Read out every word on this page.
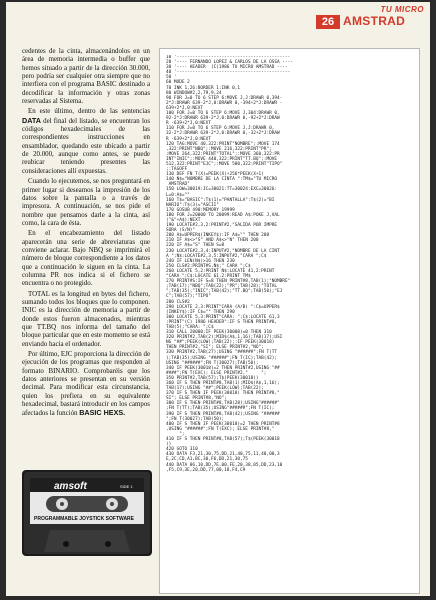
TU MICRO
26 AMSTRAD

cedentes de la cinta, almacenándolos en un área de memoria intermedia o buffer que hemos situado a partir de la dirección 30.000, pero podría ser cualquier otra siempre que no interfiera con el programa BASIC destinado a decodificar la información y otras zonas reservadas al Sistema.

En este último, dentro de las sentencias DATA del final del listado, se encuentran los códigos hexadecimales de las correspondientes instrucciones en ensamblador, quedando este ubicado a partir de 20.000, aunque como antes, se puede reubicar teniendo presentes las consideraciones allí expuestas.

Cuando lo ejecutemos, se nos preguntará en primer lugar si deseamos la impresión de los datos sobre la pantalla o a través de impresora. A continuación, se nos pide el nombre que pensamos darle a la cinta, así como, la cara de ésta.

En el encabezamiento del listado aparecerán una serie de abreviaturas que conviene aclarar. Bajo NBQ se imprimirá el número de bloque correspondiente a los datos que a continuación le siguen en la cinta. La columna PR nos indica si el fichero se encuentra o no protegido.

TOTAL es la longitud en bytes del fichero, sumando todos los bloques que lo componen. INIC es la dirección de memoria a partir de donde estos fueron almacenados, mientras que TT.BQ nos informa del tamaño del bloque particular que en este momento se está enviando hacia el ordenador.

Por último, EJC proporciona la dirección de ejecución de los programas que responden al formato BINARIO. Comprobaréis que los datos anteriores se presentan en su versión decimal. Para modificar esta circunstancia, quien los prefiera en su equivalente hexadecimal, bastará introducir en los campos afectados la función BASIC HEXS.

amsoft
PROGRAMMABLE JOYSTICK SOFTWARE
SIDE 1
10 '-------------------------------------------
20 '---- FERNANDO LOPEZ & CARLOS DE LA OSSA ----
30 '---- HEADER  (C)1986 TU MICRO AMSTRAD ----
40 '-------------------------------------------
50 '
60 MODE 2
70 INK 1,26:BORDER 1:INK 0,1
80 WINDOW#2,2,79,9,24
90 FOR J=0 TO 6 STEP 6:MOVE J,J:DRAWR 0,394-
2*J:DRAWR 639-2*J,0:DRAWR 0,-394+2*J:DRAWR -
639+2*J,0:NEXT
100 FOR J=0 TO 6 STEP 6:MOVE J,304:DRAWR 0,
92-2*J:DRAWR 639-2*J,0:DRAWR 0,-92+2*J:DRAW
R -639+2*J,0:NEXT
110 FOR J=0 TO 6 STEP 6:MOVE J,J:DRAWR 0,
32-2*J:DRAWR 639-2*J,0:DRAWR 0,-32+2*J:DRAW
R -639+2*J,0:NEXT
120 TAG:MOVE 40,322:PRINT"NOMBRE";:MOVE 174
,322:PRINT"NBQ";:MOVE 216,322:PRINT"PR";
:MOVE 264,322:PRINT"TOTAL";:MOVE 360,322:PR
INT"INIC";:MOVE 440,322:PRINT"TT.BQ";:MOVE
512,322:PRINT"EJC";:MOVE 580,322:PRINT"TIPO"
;:TAGOFF
130 DEF FN T(X)=PEEK(X)+256*PEEK(X+1)
140 N$="NOMBRE DE LA CINTA ":TM$="TU MICRO
AMSTRAD"
150 LOW=30019:IC=30021:TT=30024:EXC=30026:
L=0:A$=""
160 T$="BASIC":T$(1)="PANTALLA":T$(2)="BI
NARIO":T$(3)="ASCII"
170 GOSUB 490:MEMORY 19999
180 FOR J=20000 TO 20099:READ A$:POKE J,VAL
("&"+A$):NEXT
190 LOCATE#2,3,2:PRINT#2,"SALIDA POR IMPRE
SORA (S/N)"
200 A$=UPPER$(INKEY$):IF A$="" THEN 200
210 IF A$<>"S" AND A$<>"N" THEN 200
220 IF A$="S" THEN S=8
230 LOCATE#2,3,4:INPUT#2,"NOMBRE DE LA CINT
A ";N$:LOCATE#2,3,5:INPUT#2,"CARA ";C$
240 IF LEN(N$)>16 THEN 230
250 CLS#2:PRINT#S,N$;" CARA ";C$
260 LOCATE 5,2:PRINT N$:LOCATE 41,2:PRINT
"CARA ";C$:LOCATE 61,2:PRINT TM$
270 PRINT#S:IF S=8 THEN PRINT#8,TAB(1);"NOMBRE"
;TAB(17);"NBQ";TAB(22);"PR";TAB(28);"TOTAL
";TAB(35);"INIC";TAB(42);"TT.BQ";TAB(50);"EJ
C";TAB(57);"TIPO"
280 CLS#2
290 LOCATE 2,3:PRINT"CARA (A/B) ":C$=UPPER$
(INKEY$):IF C$="" THEN 290
300 LOCATE 5,3:PRINT"CARA: ";C$:LOCATE 61,3
:PRINT"(C) 1986 HEADER":IF S THEN PRINT#8,
TAB(5);"CARA: ";C$
310 CALL 20000:IF PEEK(30000)=0 THEN 310
320 PRINT#2,TAB(2);MID$(A$,1,16);TAB(17);USI
NG "##";PEEK(LOW);TAB(22);:IF PEEK(30018)
THEN PRINT#2,"SI"; ELSE PRINT#2,"NO";
330 PRINT#2,TAB(27);USING "######";FN T(TT
);TAB(35);USING "######";FN T(IC);TAB(42);
USING "######";FN T(30027);TAB(50);
340 IF PEEK(30018)=2 THEN PRINT#2,USING "##
####";FN T(EXC); ELSE PRINT#2,"     ";
350 PRINT#2,TAB(57);T$(PEEK(30018))
360 IF S THEN PRINT#8,TAB(1);MID$(A$,1,16);
TAB(17);USING "##";PEEK(LOW);TAB(22);
370 IF S THEN IF PEEK(30018) THEN PRINT#8,"
SI"; ELSE PRINT#8,"NO";
380 IF S THEN PRINT#8,TAB(28);USING"######"
;FN T(TT);TAB(35);USING"######";FN T(IC);
390 IF S THEN PRINT#8,TAB(42);USING "######
";FN T(30027);TAB(50);
400 IF S THEN IF PEEK(30018)=2 THEN PRINT#8
,USING "######";FN T(EXC); ELSE PRINT#8,"
";
410 IF S THEN PRINT#8,TAB(57);T$(PEEK(30018
))
420 GOTO 310
430 DATA F3,21,30,75,DD,21,40,75,11,40,00,3
E,2C,CD,A1,BC,30,F6,DD,21,30,75
440 DATA 06,10,DD,7E,00,FE,20,38,05,DD,23,10
,F5,C9,3E,20,DD,77,00,18,F4,C9
